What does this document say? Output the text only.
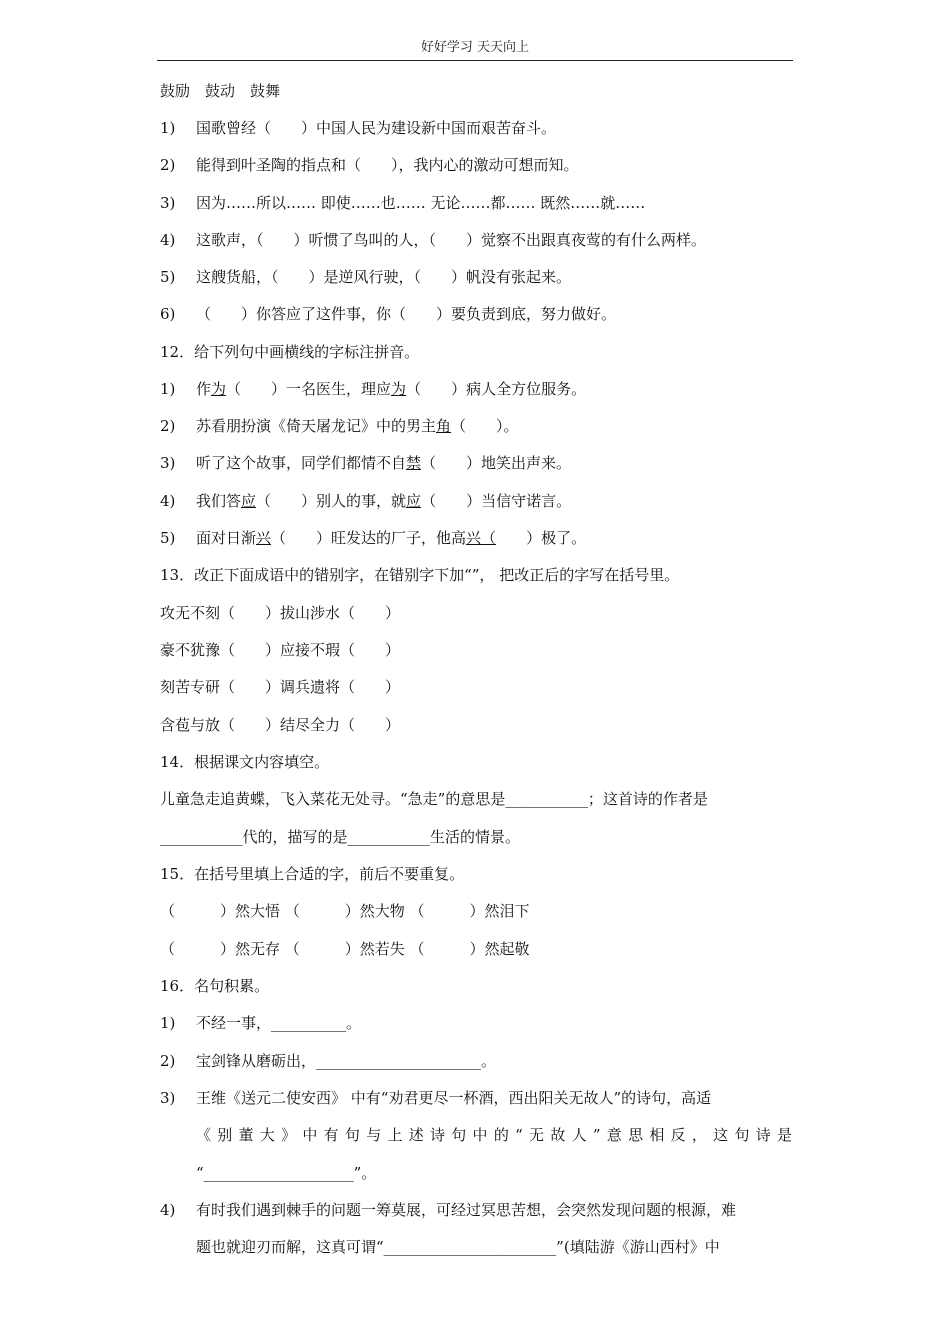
好好学习 天天向上
鼓励　鼓动　鼓舞
1) 国歌曾经（　　）中国人民为建设新中国而艰苦奋斗。
2) 能得到叶圣陶的指点和（　　），我内心的激动可想而知。
3) 因为……所以…… 即使……也…… 无论……都…… 既然……就……
4) 这歌声，（　　）听惯了鸟叫的人，（　　）觉察不出跟真夜莺的有什么两样。
5) 这艘货船，（　　）是逆风行驶，（　　）帆没有张起来。
6) （　　）你答应了这件事，你（　　）要负责到底，努力做好。
12．给下列句中画横线的字标注拼音。
1) 作为（　　）一名医生，理应为（　　）病人全方位服务。
2) 苏看朋扮演《倚天屠龙记》中的男主角（　　）。
3) 听了这个故事，同学们都情不自禁（　　）地笑出声来。
4) 我们答应（　　）别人的事，就应（　　）当信守诺言。
5) 面对日渐兴（　　）旺发达的厂子，他高兴（　　）极了。
13．改正下面成语中的错别字，在错别字下加“”， 把改正后的字写在括号里。
攻无不刻（　　）拔山涉水（　　）
豪不犹豫（　　）应接不瑕（　　）
刻苦专研（　　）调兵遗将（　　）
含苞与放（　　）结尽全力（　　）
14．根据课文内容填空。
儿童急走追黄蝶，飞入菜花无处寻。“急走”的意思是___________；这首诗的作者是
___________代的，描写的是___________生活的情景。
15．在括号里填上合适的字，前后不要重复。
（　　　）然大悟 （　　　）然大物 （　　　）然泪下
（　　　）然无存 （　　　）然若失 （　　　）然起敬
16．名句积累。
1) 不经一事，__________。
2) 宝剑锋从磨砺出，______________________。
3) 王维《送元二使安西》 中有“劝君更尽一杯酒，西出阳关无故人”的诗句，高适
《别董大》中有句与上述诗句中的“无故人”意思相反，这句诗是
“____________________”。
4) 有时我们遇到棘手的问题一筹莫展，可经过冥思苦想，会突然发现问题的根源，难
题也就迎刃而解，这真可谓“_______________________”(填陆游《游山西村》中
